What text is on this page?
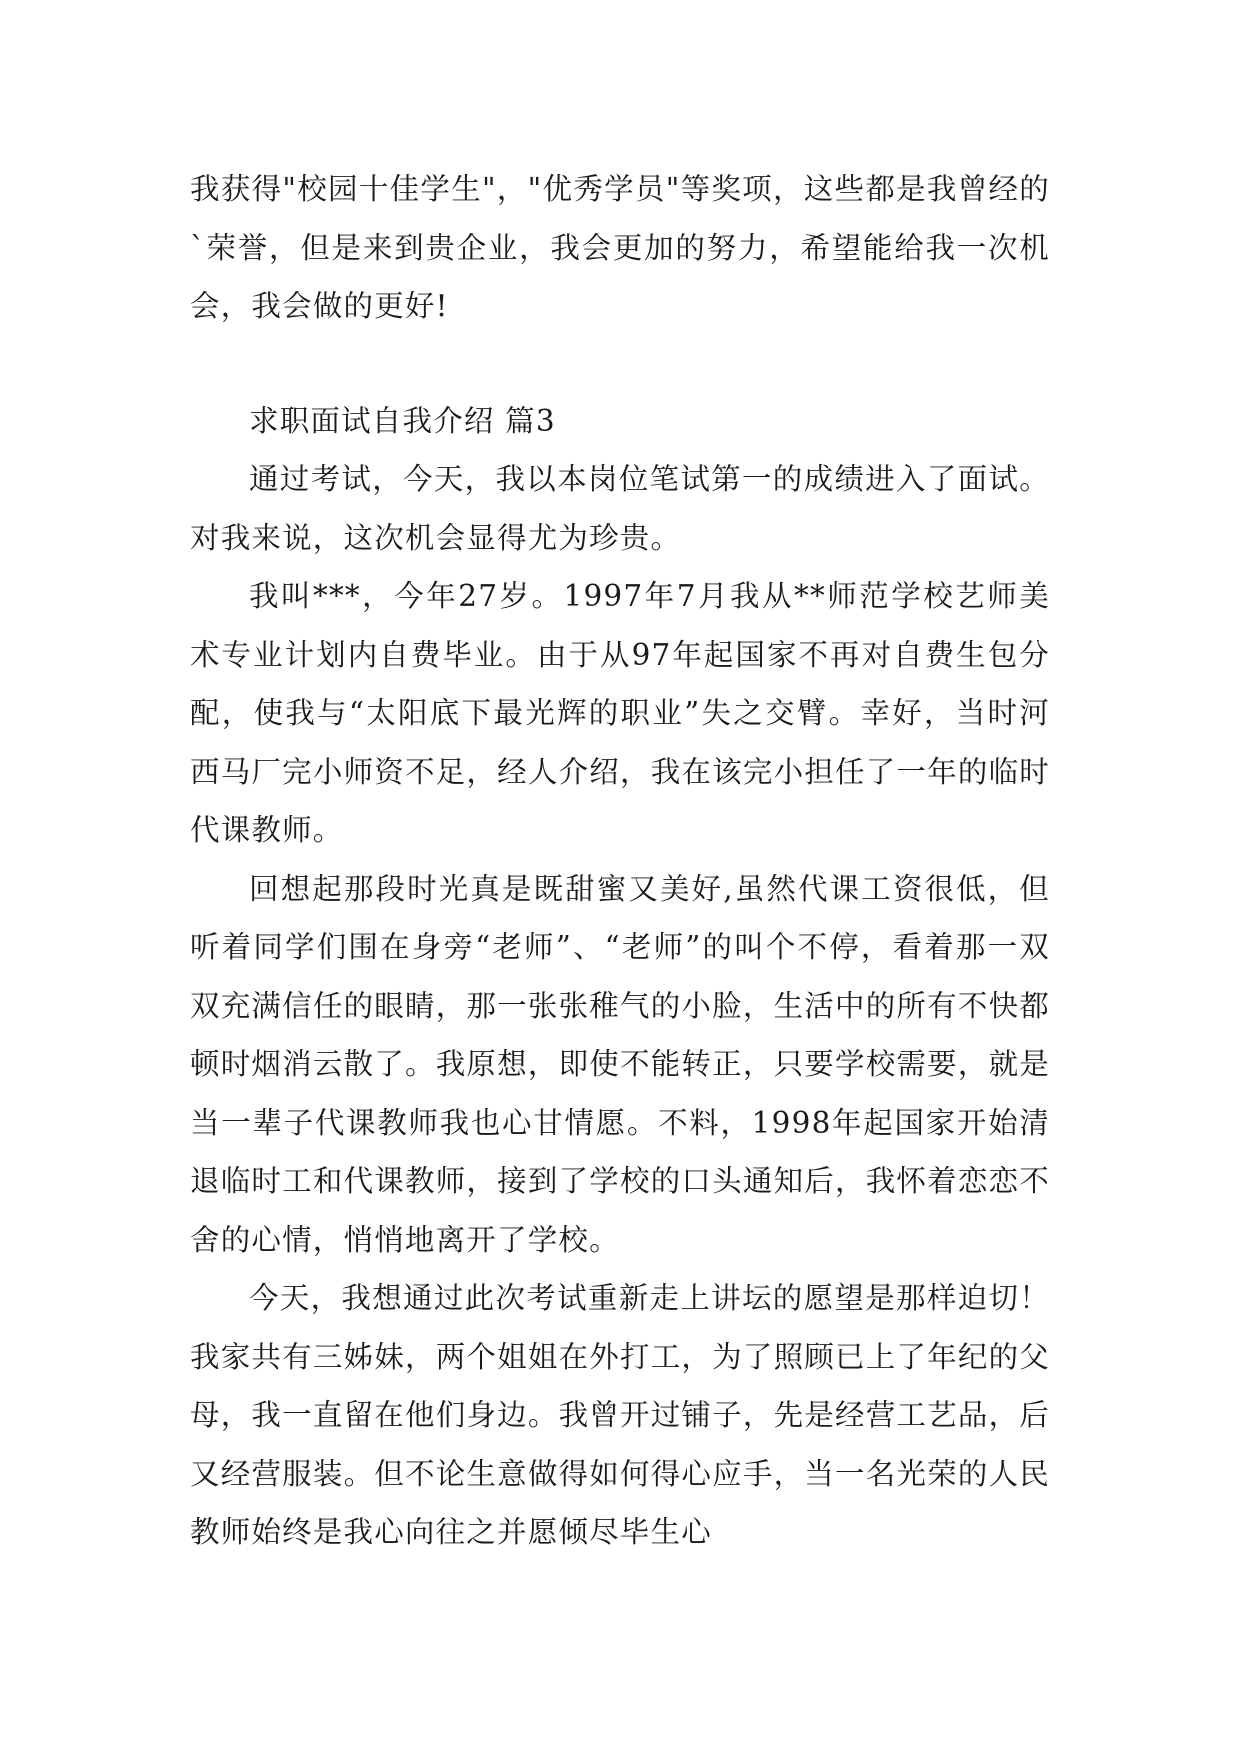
我获得"校园十佳学生"，"优秀学员"等奖项，这些都是我曾经的`荣誉，但是来到贵企业，我会更加的努力，希望能给我一次机会，我会做的更好!

求职面试自我介绍 篇3

通过考试，今天，我以本岗位笔试第一的成绩进入了面试。对我来说，这次机会显得尤为珍贵。

我叫***，今年27岁。1997年7月我从**师范学校艺师美术专业计划内自费毕业。由于从97年起国家不再对自费生包分配，使我与“太阳底下最光辉的职业”失之交臂。幸好，当时河西马厂完小师资不足，经人介绍，我在该完小担任了一年的临时代课教师。

回想起那段时光真是既甜蜜又美好,虽然代课工资很低，但听着同学们围在身旁“老师”、“老师”的叫个不停，看着那一双双充满信任的眼睛，那一张张稚气的小脸，生活中的所有不快都顿时烟消云散了。我原想，即使不能转正，只要学校需要，就是当一辈子代课教师我也心甘情愿。不料，1998年起国家开始清退临时工和代课教师，接到了学校的口头通知后，我怀着恋恋不舍的心情，悄悄地离开了学校。

今天，我想通过此次考试重新走上讲坛的愿望是那样迫切！我家共有三姊妹，两个姐姐在外打工，为了照顾已上了年纪的父母，我一直留在他们身边。我曾开过铺子，先是经营工艺品，后又经营服装。但不论生意做得如何得心应手，当一名光荣的人民教师始终是我心向往之并愿倾尽毕生心
